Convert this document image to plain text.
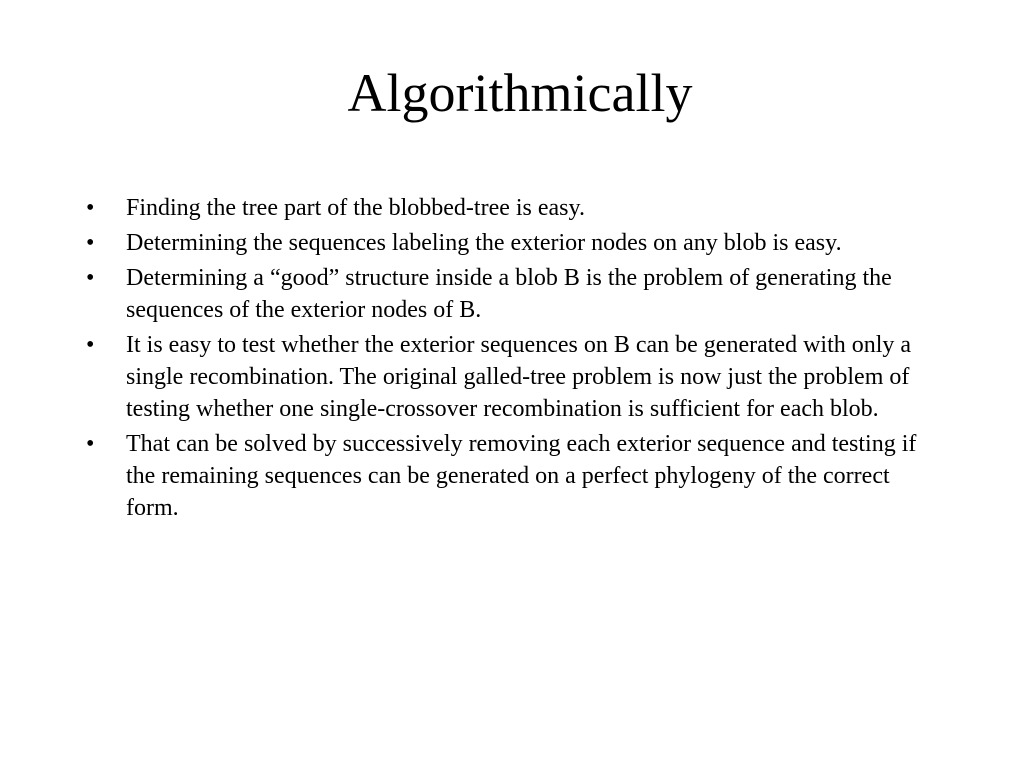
Algorithmically
•	Finding the tree part of the blobbed-tree is easy.
•	Determining the sequences labeling the exterior nodes on any blob is easy.
•	Determining a “good” structure inside a blob B is the problem of generating the sequences of the exterior nodes of B.
•	It is easy to test whether the exterior sequences on B can be generated with only a single recombination. The original galled-tree problem is now just the problem of testing whether one single-crossover recombination is sufficient for each blob.
•	That can be solved by successively removing each exterior sequence and testing if the remaining sequences can be generated on a perfect phylogeny of the correct form.
